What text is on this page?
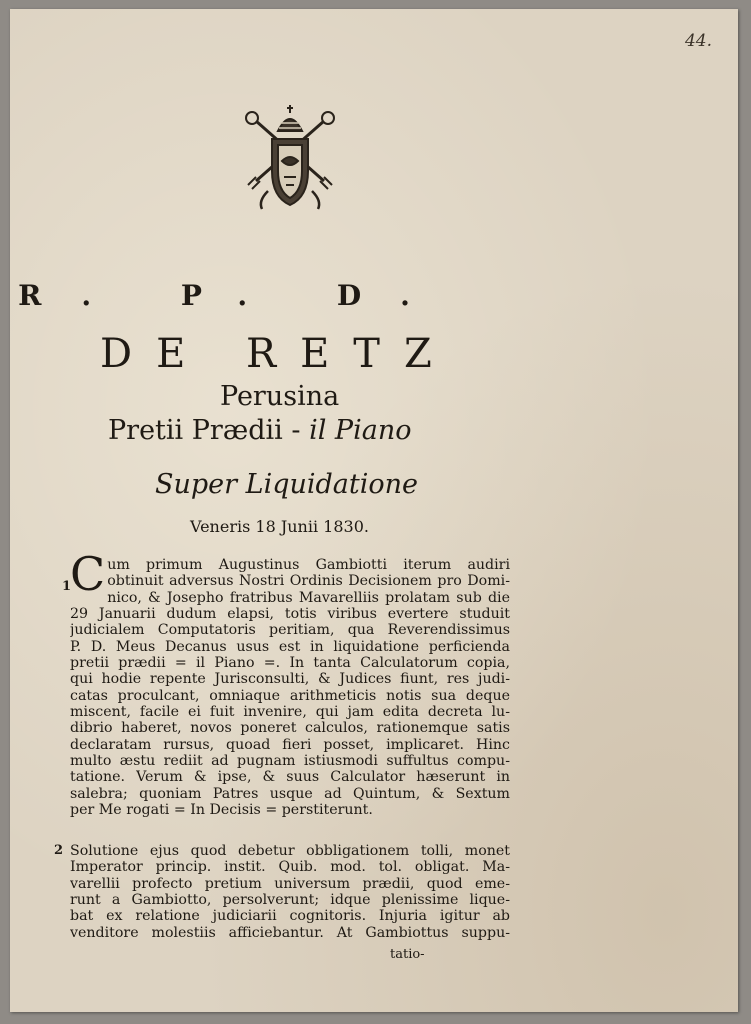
44.
R. P. D.
DE RETZ
Perusina
Pretii Prædii - il Piano
Super Liquidatione
Veneris 18 Junii 1830.
1
C um primum Augustinus Gambiotti iterum audiri
obtinuit adversus Nostri Ordinis Decisionem pro Domi-
nico, & Josepho fratribus Mavarelliis prolatam sub die
29 Januarii dudum elapsi, totis viribus evertere studuit
judicialem Computatoris peritiam, qua Reverendissimus
P. D. Meus Decanus usus est in liquidatione perficienda
pretii prædii = il Piano =. In tanta Calculatorum copia,
qui hodie repente Jurisconsulti, & Judices fiunt, res judi-
catas proculcant, omniaque arithmeticis notis sua deque
miscent, facile ei fuit invenire, qui jam edita decreta lu-
dibrio haberet, novos poneret calculos, rationemque satis
declaratam rursus, quoad fieri posset, implicaret. Hinc
multo æstu rediit ad pugnam istiusmodi suffultus compu-
tatione. Verum & ipse, & suus Calculator hæserunt in
salebra; quoniam Patres usque ad Quintum, & Sextum
per Me rogati = In Decisis = perstiterunt.
2 Solutione ejus quod debetur obbligationem tolli, monet
Imperator princip. instit. Quib. mod. tol. obligat. Ma-
varellii profecto pretium universum prædii, quod eme-
runt a Gambiotto, persolverunt; idque plenissime lique-
bat ex relatione judiciarii cognitoris. Injuria igitur ab
venditore molestiis afficiebantur. At Gambiottus suppu-
tatio-
